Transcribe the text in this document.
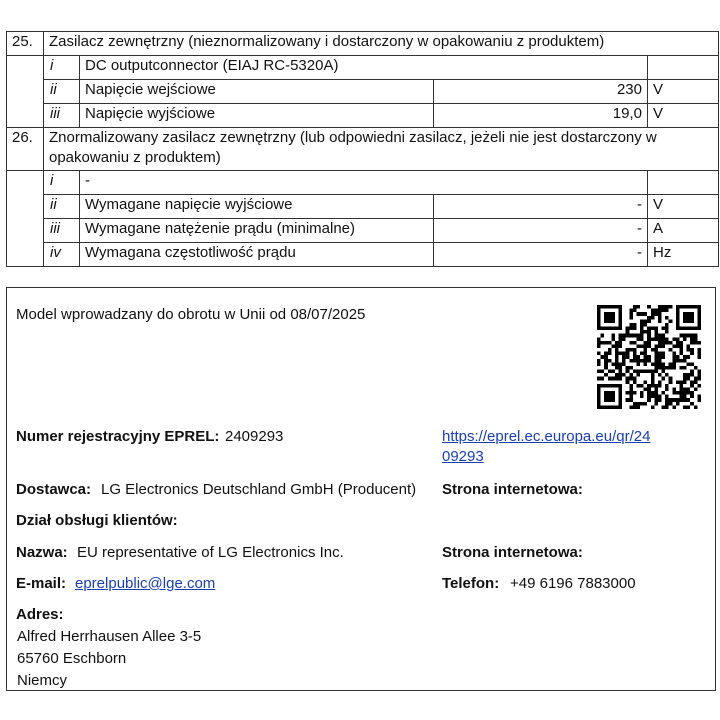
25.	Zasilacz zewnętrzny (nieznormalizowany i dostarczony w opakowaniu z produktem)			
	i	DC outputconnector (EIAJ RC-5320A)		
	ii	Napięcie wejściowe	230	V
	iii	Napięcie wyjściowe	19,0	V
26.	Znormalizowany zasilacz zewnętrzny (lub odpowiedni zasilacz, jeżeli nie jest dostarczony w opakowaniu z produktem)			
	i	-		
	ii	Wymagane napięcie wyjściowe	-	V
	iii	Wymagane natężenie prądu (minimalne)	-	A
	iv	Wymagana częstotliwość prądu	-	Hz
Model wprowadzany do obrotu w Unii od 08/07/2025
Numer rejestracyjny EPREL: 2409293	https://eprel.ec.europa.eu/qr/24
09293
Dostawca: LG Electronics Deutschland GmbH (Producent) Strona internetowa:
Dział obsługi klientów:
Nazwa: EU representative of LG Electronics Inc.	Strona internetowa:
E-mail: eprelpublic@lge.com	Telefon: +49 6196 7883000
Adres:
Alfred Herrhausen Allee 3-5
65760 Eschborn
Niemcy
